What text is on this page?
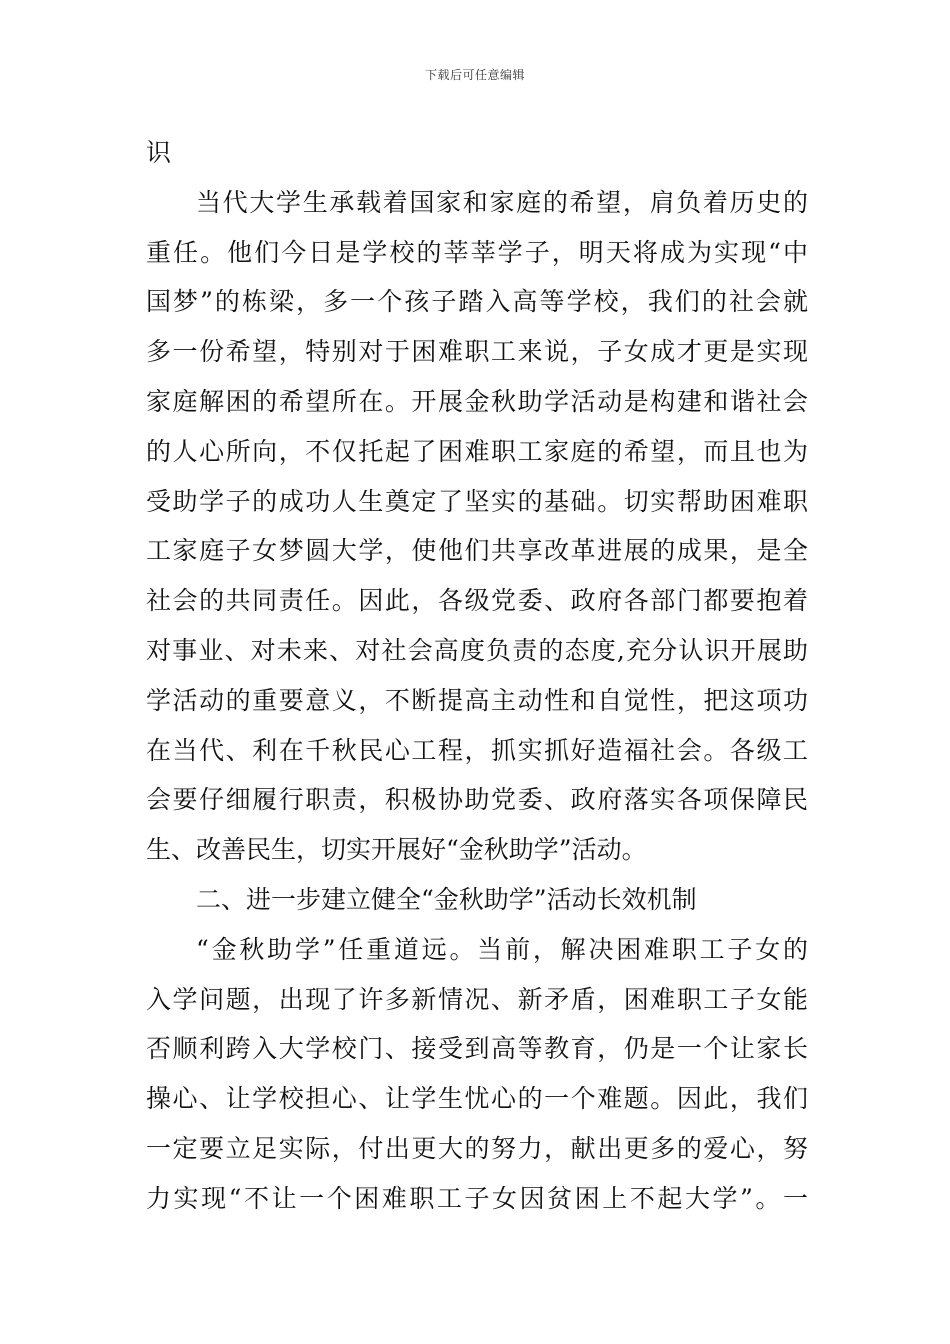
下载后可任意编辑
识
当代大学生承载着国家和家庭的希望，肩负着历史的
重任。他们今日是学校的莘莘学子，明天将成为实现“中
国梦”的栋梁，多一个孩子踏入高等学校，我们的社会就
多一份希望，特别对于困难职工来说，子女成才更是实现
家庭解困的希望所在。开展金秋助学活动是构建和谐社会
的人心所向，不仅托起了困难职工家庭的希望，而且也为
受助学子的成功人生奠定了坚实的基础。切实帮助困难职
工家庭子女梦圆大学，使他们共享改革进展的成果，是全
社会的共同责任。因此，各级党委、政府各部门都要抱着
对事业、对未来、对社会高度负责的态度,充分认识开展助
学活动的重要意义，不断提高主动性和自觉性，把这项功
在当代、利在千秋民心工程，抓实抓好造福社会。各级工
会要仔细履行职责，积极协助党委、政府落实各项保障民
生、改善民生，切实开展好“金秋助学”活动。
二、进一步建立健全“金秋助学”活动长效机制
“金秋助学”任重道远。当前，解决困难职工子女的
入学问题，出现了许多新情况、新矛盾，困难职工子女能
否顺利跨入大学校门、接受到高等教育，仍是一个让家长
操心、让学校担心、让学生忧心的一个难题。因此，我们
一定要立足实际，付出更大的努力，献出更多的爱心，努
力实现“不让一个困难职工子女因贫困上不起大学”。一
